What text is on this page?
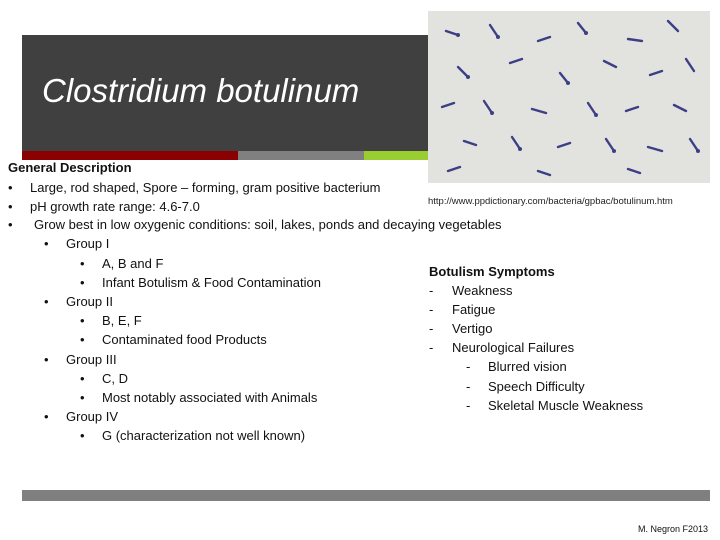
Clostridium botulinum
http://www.ppdictionary.com/bacteria/gpbac/botulinum.htm
General Description
• Large, rod shaped, Spore – forming, gram positive bacterium
• pH growth rate range: 4.6-7.0
• Grow best in low oxygenic conditions: soil, lakes, ponds and decaying vegetables
• Group I
• A, B and F
• Infant Botulism & Food Contamination
• Group II
• B, E, F
• Contaminated food Products
• Group III
• C, D
• Most notably associated with Animals
• Group IV
• G (characterization not well known)
Botulism Symptoms
- Weakness
- Fatigue
- Vertigo
- Neurological Failures
- Blurred vision
- Speech Difficulty
- Skeletal Muscle Weakness
M. Negron F2013
